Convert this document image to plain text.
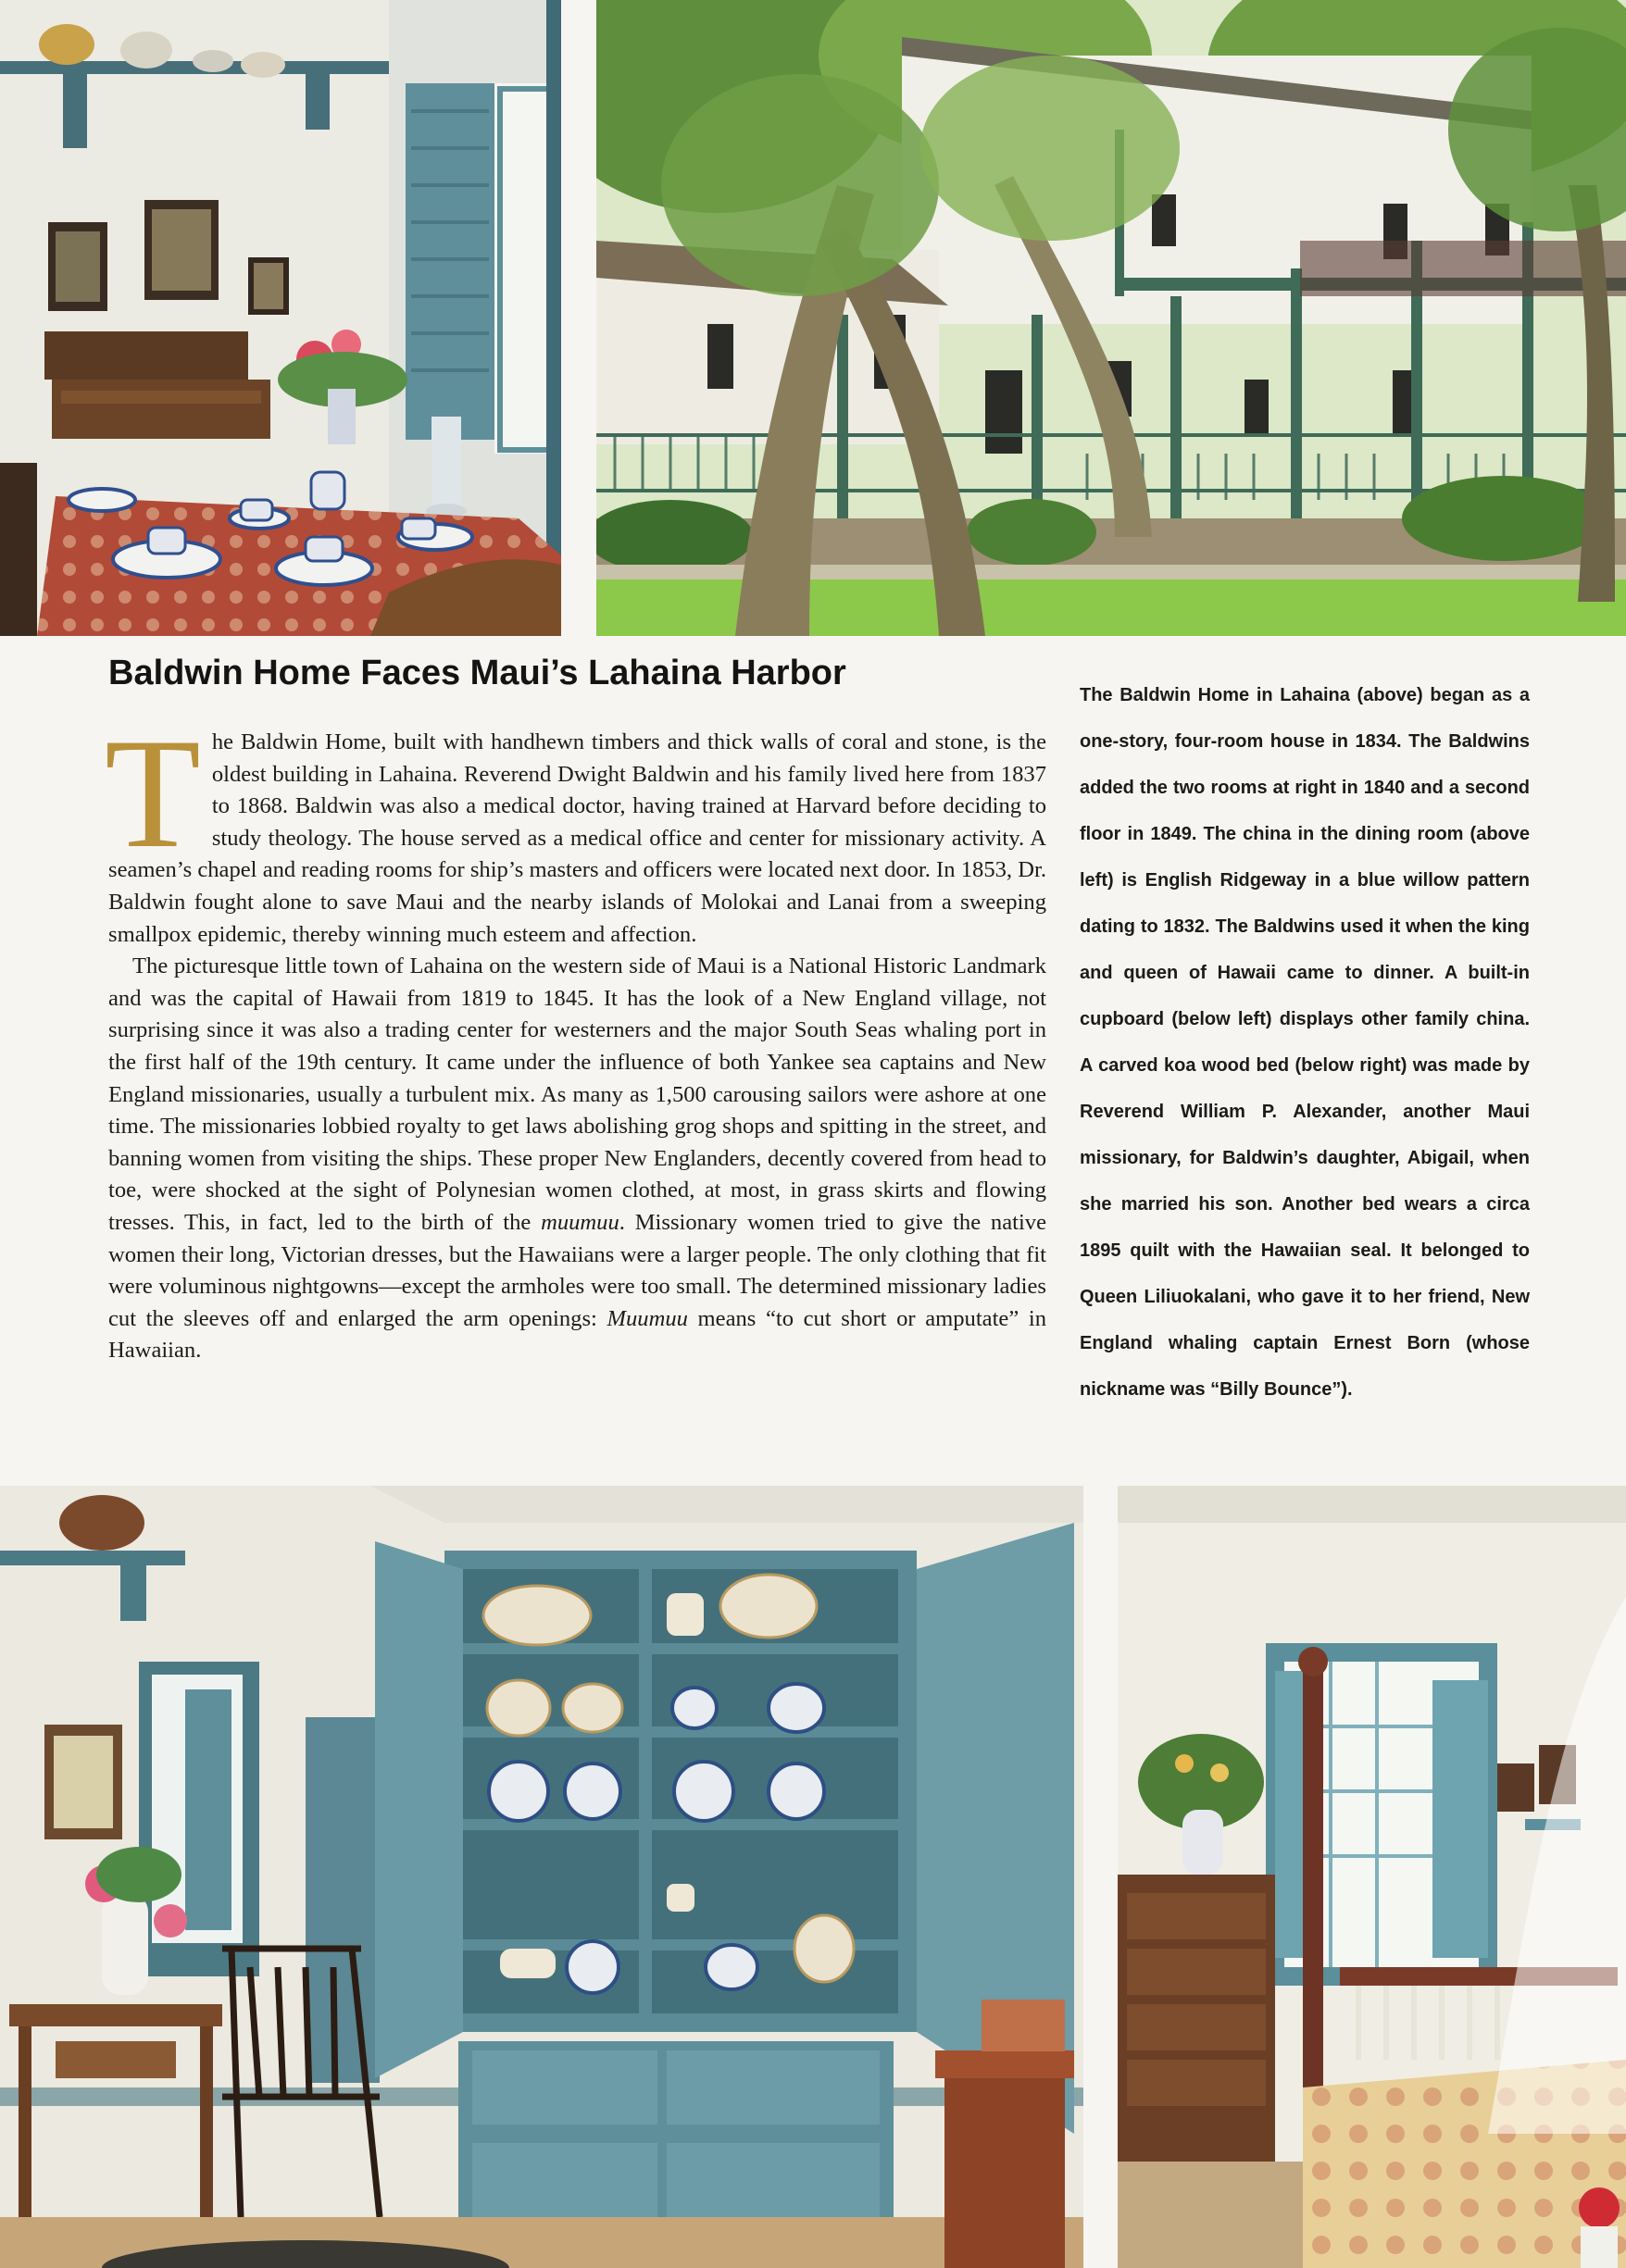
Baldwin Home Faces Maui’s Lahaina Harbor

The Baldwin Home, built with handhewn timbers and thick walls of coral and stone, is the oldest building in Lahaina. Reverend Dwight Baldwin and his family lived here from 1837 to 1868. Baldwin was also a medical doctor, having trained at Harvard before deciding to study theology. The house served as a medical office and center for missionary activity. A seamen’s chapel and reading rooms for ship’s masters and officers were located next door. In 1853, Dr. Baldwin fought alone to save Maui and the nearby islands of Molokai and Lanai from a sweeping smallpox epidemic, thereby winning much esteem and affection.

The picturesque little town of Lahaina on the western side of Maui is a National Historic Landmark and was the capital of Hawaii from 1819 to 1845. It has the look of a New England village, not surprising since it was also a trading center for westerners and the major South Seas whaling port in the first half of the 19th century. It came under the influence of both Yankee sea captains and New England missionaries, usually a turbulent mix. As many as 1,500 carousing sailors were ashore at one time. The missionaries lobbied royalty to get laws abolishing grog shops and spitting in the street, and banning women from visiting the ships. These proper New Englanders, decently covered from head to toe, were shocked at the sight of Polynesian women clothed, at most, in grass skirts and flowing tresses. This, in fact, led to the birth of the muumuu. Missionary women tried to give the native women their long, Victorian dresses, but the Hawaiians were a larger people. The only clothing that fit were voluminous nightgowns—except the armholes were too small. The determined missionary ladies cut the sleeves off and enlarged the arm openings: Muumuu means “to cut short or amputate” in Hawaiian.

The Baldwin Home in Lahaina (above) began as a one-story, four-room house in 1834. The Baldwins added the two rooms at right in 1840 and a second floor in 1849. The china in the dining room (above left) is English Ridgeway in a blue willow pattern dating to 1832. The Baldwins used it when the king and queen of Hawaii came to dinner. A built-in cupboard (below left) displays other family china. A carved koa wood bed (below right) was made by Reverend William P. Alexander, another Maui missionary, for Baldwin’s daughter, Abigail, when she married his son. Another bed wears a circa 1895 quilt with the Hawaiian seal. It belonged to Queen Liliuokalani, who gave it to her friend, New England whaling captain Ernest Born (whose nickname was “Billy Bounce”).
